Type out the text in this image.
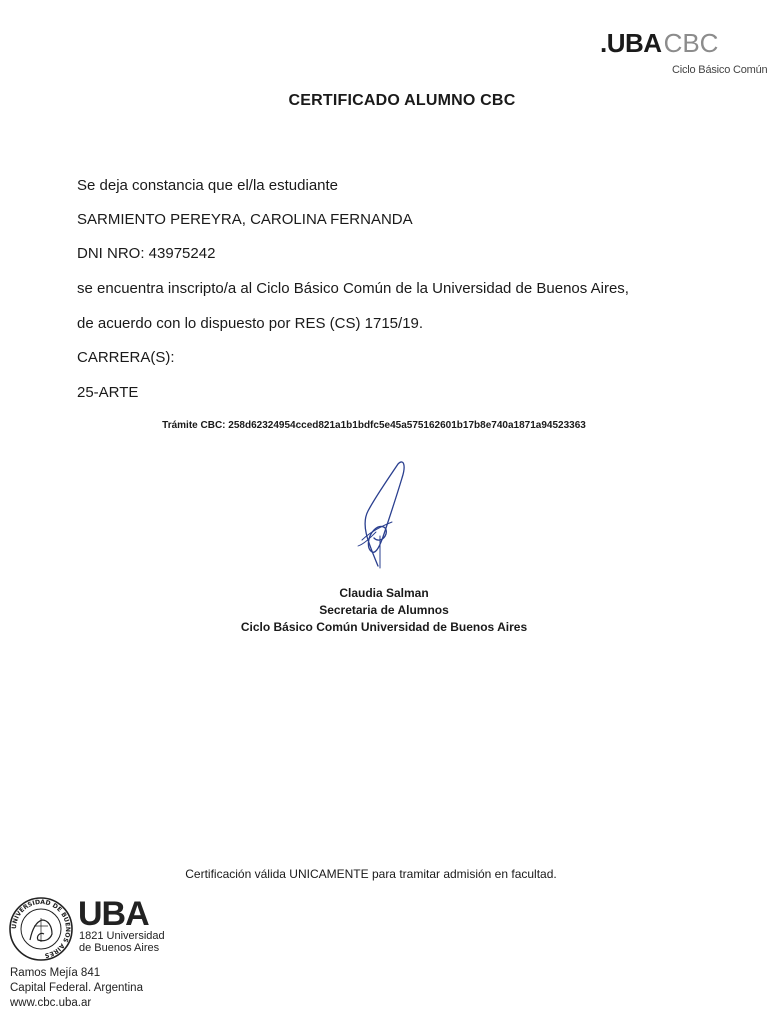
.UBACBC
Ciclo Básico Común
CERTIFICADO ALUMNO CBC
Se deja constancia que el/la estudiante
SARMIENTO PEREYRA, CAROLINA FERNANDA
DNI NRO: 43975242
se encuentra inscripto/a al Ciclo Básico Común de la Universidad de Buenos Aires,
de acuerdo con lo dispuesto por RES (CS) 1715/19.
CARRERA(S):
25-ARTE
Trámite CBC: 258d62324954cced821a1b1bdfc5e45a575162601b17b8e740a1871a94523363
Claudia Salman
Secretaria de Alumnos
Ciclo Básico Común Universidad de Buenos Aires
Certificación válida UNICAMENTE para tramitar admisión en facultad.
UNIVERSIDAD DE BUENOS AIRES
UBA
1821 Universidad
de Buenos Aires
Ramos Mejía 841
Capital Federal. Argentina
www.cbc.uba.ar
